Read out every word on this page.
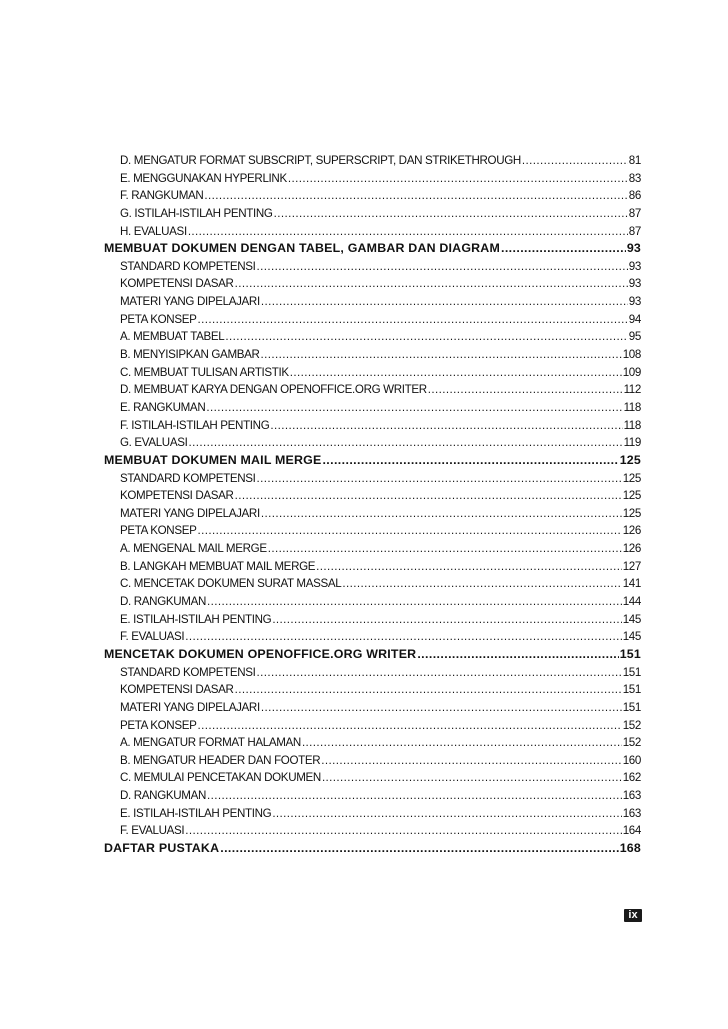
D. MENGATUR FORMAT SUBSCRIPT, SUPERSCRIPT, DAN STRIKETHROUGH .....	81
E. MENGGUNAKAN HYPERLINK .....	83
F. RANGKUMAN .....	86
G. ISTILAH-ISTILAH PENTING .....	87
H. EVALUASI .....	87
MEMBUAT DOKUMEN DENGAN TABEL, GAMBAR DAN DIAGRAM .....	93
STANDARD KOMPETENSI .....	93
KOMPETENSI DASAR .....	93
MATERI YANG DIPELAJARI .....	93
PETA KONSEP .....	94
A. MEMBUAT TABEL .....	95
B. MENYISIPKAN GAMBAR .....	108
C. MEMBUAT TULISAN ARTISTIK .....	109
D. MEMBUAT KARYA DENGAN OPENOFFICE.ORG WRITER .....	112
E. RANGKUMAN .....	118
F. ISTILAH-ISTILAH PENTING .....	118
G. EVALUASI .....	119
MEMBUAT DOKUMEN MAIL MERGE .....	125
STANDARD KOMPETENSI .....	125
KOMPETENSI DASAR .....	125
MATERI YANG DIPELAJARI .....	125
PETA KONSEP .....	126
A. MENGENAL MAIL MERGE .....	126
B. LANGKAH MEMBUAT MAIL MERGE .....	127
C. MENCETAK DOKUMEN SURAT MASSAL .....	141
D. RANGKUMAN .....	144
E. ISTILAH-ISTILAH PENTING .....	145
F. EVALUASI .....	145
MENCETAK DOKUMEN OPENOFFICE.ORG WRITER .....	151
STANDARD KOMPETENSI .....	151
KOMPETENSI DASAR .....	151
MATERI YANG DIPELAJARI .....	151
PETA KONSEP .....	152
A. MENGATUR FORMAT HALAMAN .....	152
B. MENGATUR HEADER DAN FOOTER .....	160
C. MEMULAI PENCETAKAN DOKUMEN .....	162
D. RANGKUMAN .....	163
E. ISTILAH-ISTILAH PENTING .....	163
F. EVALUASI .....	164
DAFTAR PUSTAKA .....	168
ix
